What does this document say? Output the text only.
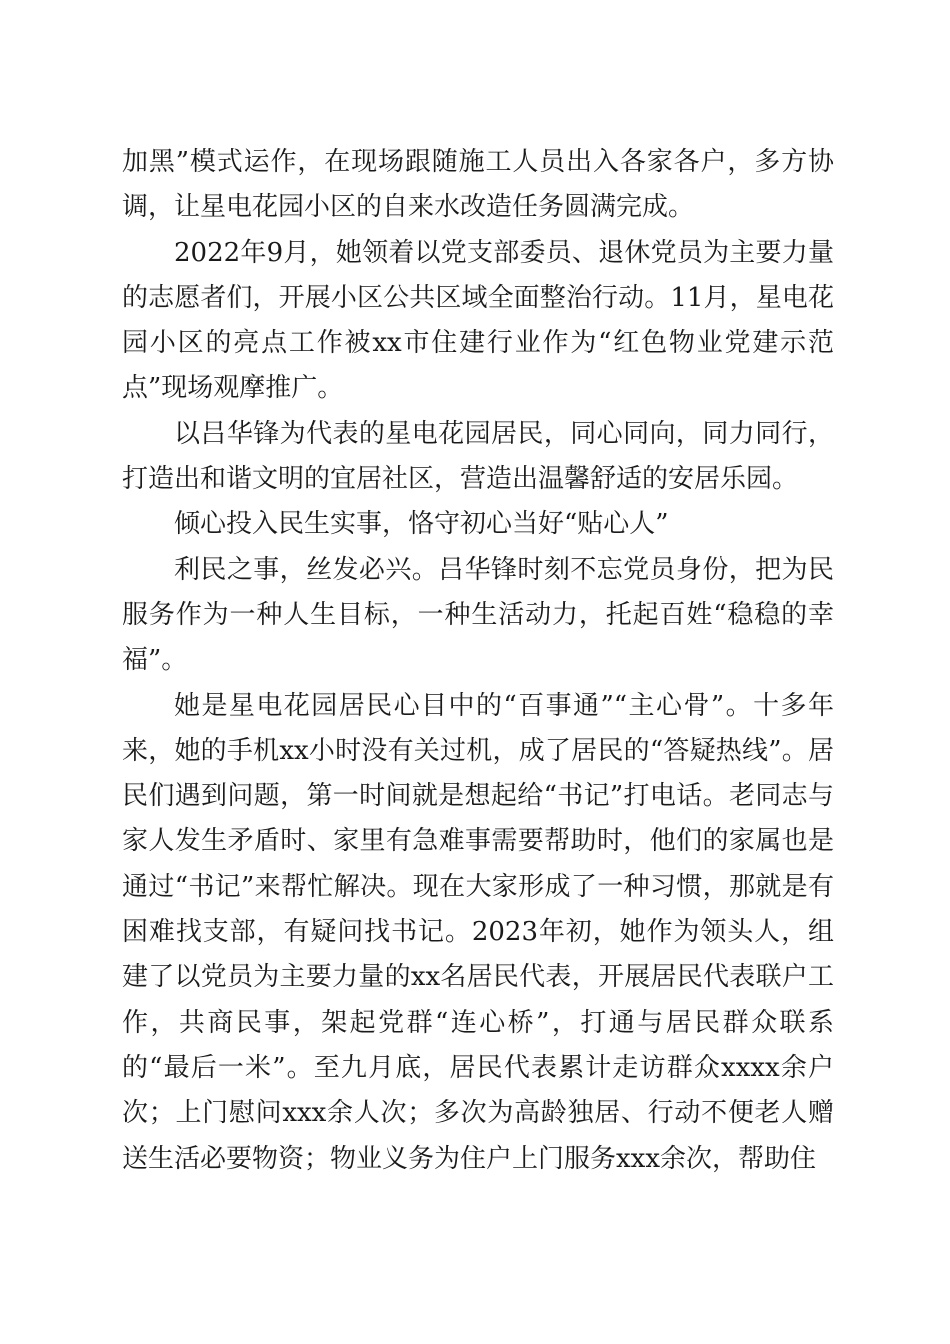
加黑”模式运作，在现场跟随施工人员出入各家各户，多方协调，让星电花园小区的自来水改造任务圆满完成。

2022年9月，她领着以党支部委员、退休党员为主要力量的志愿者们，开展小区公共区域全面整治行动。11月，星电花园小区的亮点工作被xx市住建行业作为“红色物业党建示范点”现场观摩推广。

以吕华锋为代表的星电花园居民，同心同向，同力同行，打造出和谐文明的宜居社区，营造出温馨舒适的安居乐园。

倾心投入民生实事，恪守初心当好“贴心人”

利民之事，丝发必兴。吕华锋时刻不忘党员身份，把为民服务作为一种人生目标，一种生活动力，托起百姓“稳稳的幸福”。

她是星电花园居民心目中的“百事通”“主心骨”。十多年来，她的手机xx小时没有关过机，成了居民的“答疑热线”。居民们遇到问题，第一时间就是想起给“书记”打电话。老同志与家人发生矛盾时、家里有急难事需要帮助时，他们的家属也是通过“书记”来帮忙解决。现在大家形成了一种习惯，那就是有困难找支部，有疑问找书记。2023年初，她作为领头人，组建了以党员为主要力量的xx名居民代表，开展居民代表联户工作，共商民事，架起党群“连心桥”，打通与居民群众联系的“最后一米”。至九月底，居民代表累计走访群众xxxx余户次；上门慰问xxx余人次；多次为高龄独居、行动不便老人赠送生活必要物资；物业义务为住户上门服务xxx余次，帮助住
